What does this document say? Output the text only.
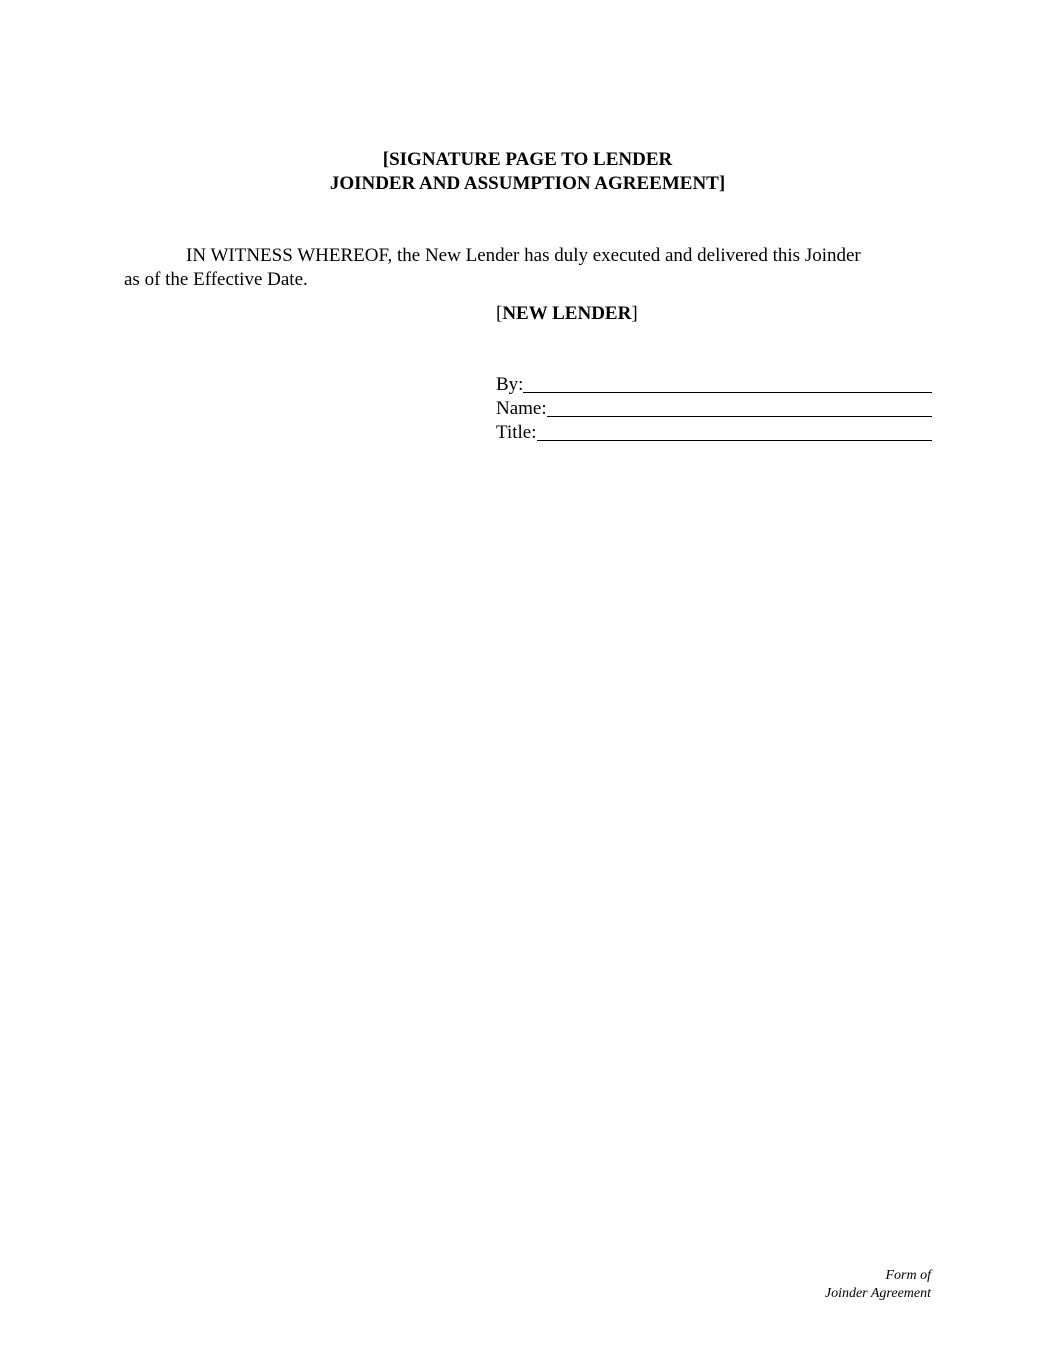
[SIGNATURE PAGE TO LENDER
JOINDER AND ASSUMPTION AGREEMENT]
IN WITNESS WHEREOF, the New Lender has duly executed and delivered this Joinder
as of the Effective Date.
[NEW LENDER]
By:
Name:
Title:
Form of
Joinder Agreement
